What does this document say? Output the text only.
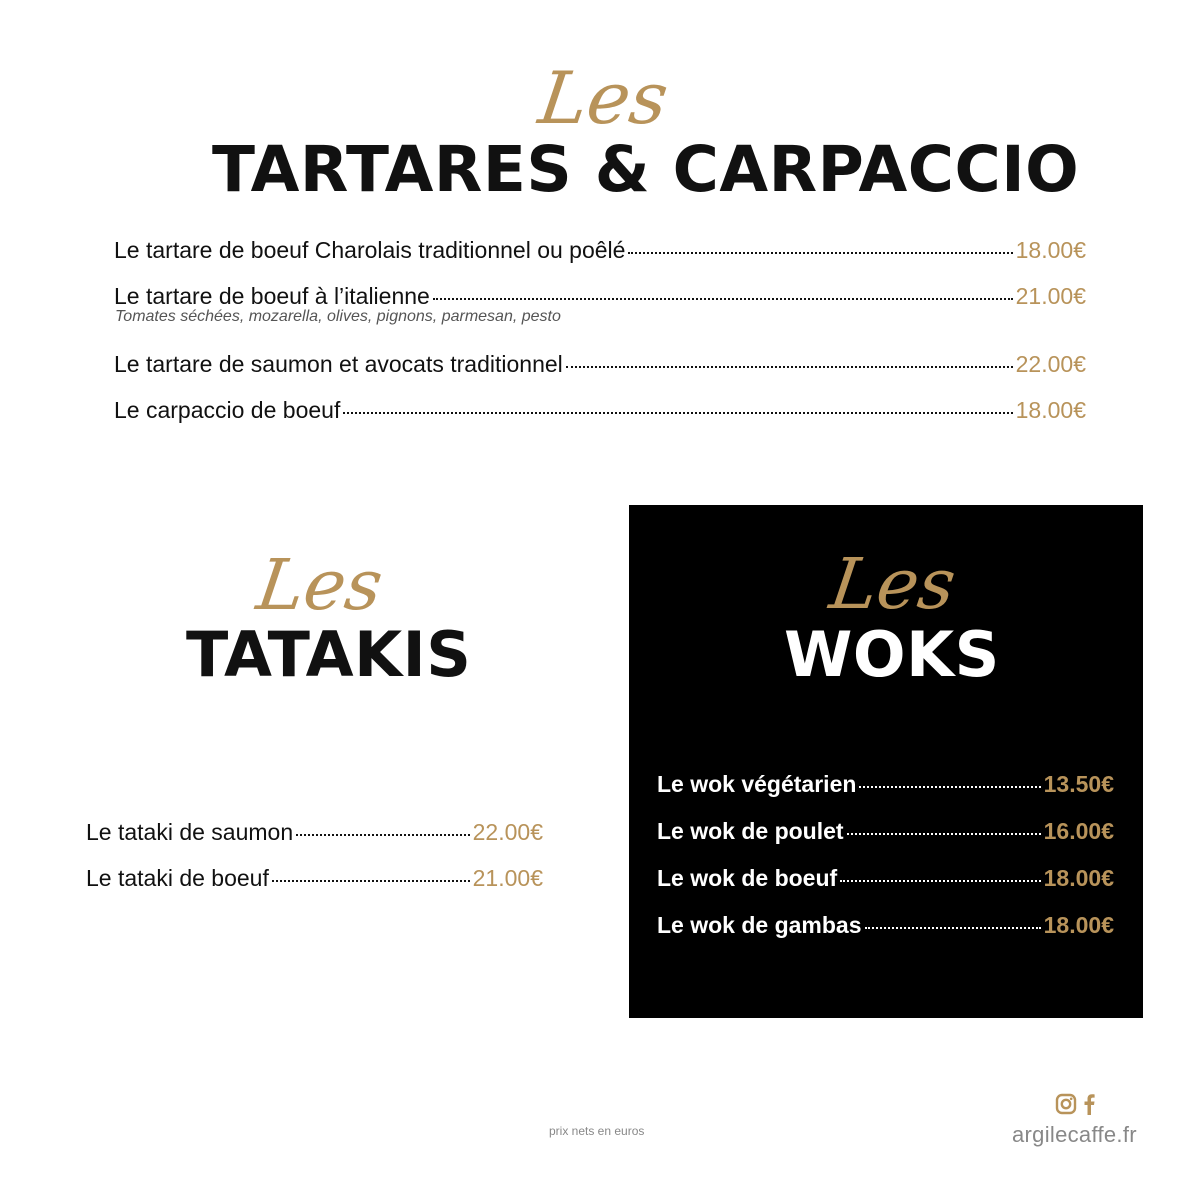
Les
TARTARES & CARPACCIO
Le tartare de boeuf Charolais traditionnel ou poêlé	18.00€
Le tartare de boeuf à l’italienne	21.00€
Tomates séchées, mozarella, olives, pignons, parmesan, pesto
Le tartare de saumon et avocats traditionnel	22.00€
Le carpaccio de boeuf	18.00€
Les
TATAKIS
Le tataki de saumon	22.00€
Le tataki de boeuf	21.00€
Les
WOKS
Le wok végétarien	13.50€
Le wok de poulet	16.00€
Le wok de boeuf	18.00€
Le wok de gambas	18.00€
prix nets en euros	argilecaffe.fr
